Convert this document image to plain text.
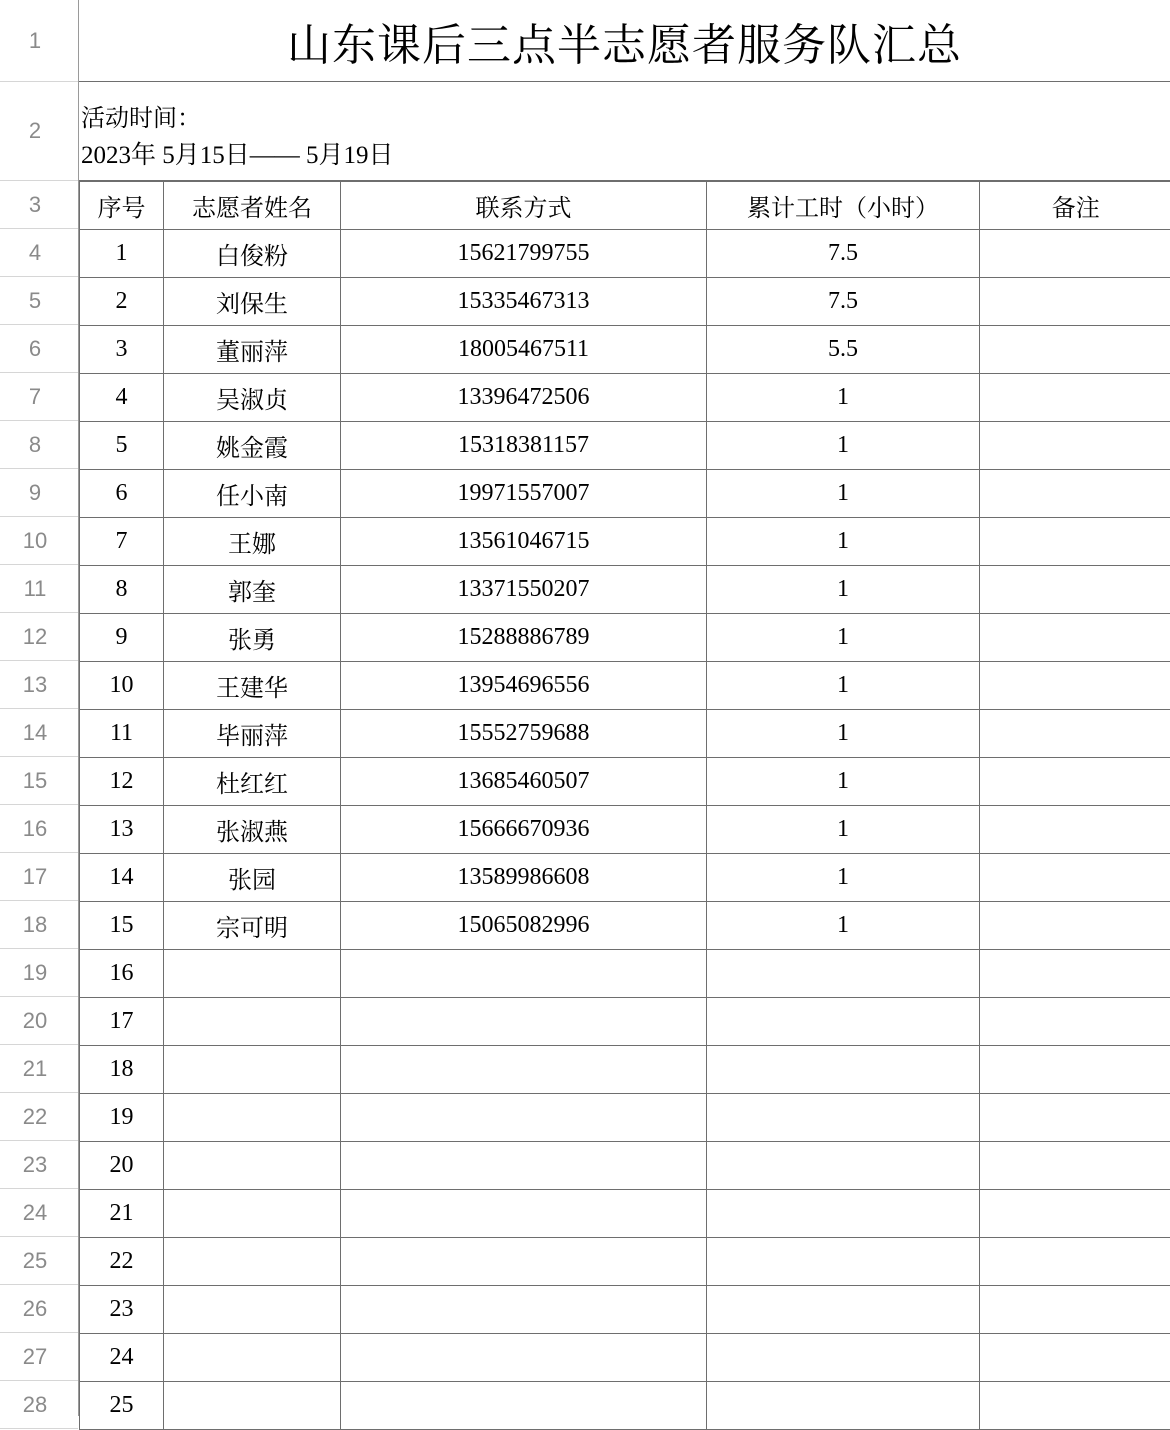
1
2
3
4
5
6
7
8
9
10
11
12
13
14
15
16
17
18
19
20
21
22
23
24
25
26
27
28
山东课后三点半志愿者服务队汇总
活动时间：
2023年 5月15日—— 5月19日
序号	志愿者姓名	联系方式	累计工时（小时）	备注
1	白俊粉	15621799755	7.5	
2	刘保生	15335467313	7.5	
3	董丽萍	18005467511	5.5	
4	吴淑贞	13396472506	1	
5	姚金霞	15318381157	1	
6	任小南	19971557007	1	
7	王娜	13561046715	1	
8	郭奎	13371550207	1	
9	张勇	15288886789	1	
10	王建华	13954696556	1	
11	毕丽萍	15552759688	1	
12	杜红红	13685460507	1	
13	张淑燕	15666670936	1	
14	张园	13589986608	1	
15	宗可明	15065082996	1	
16				
17				
18				
19				
20				
21				
22				
23				
24				
25				
